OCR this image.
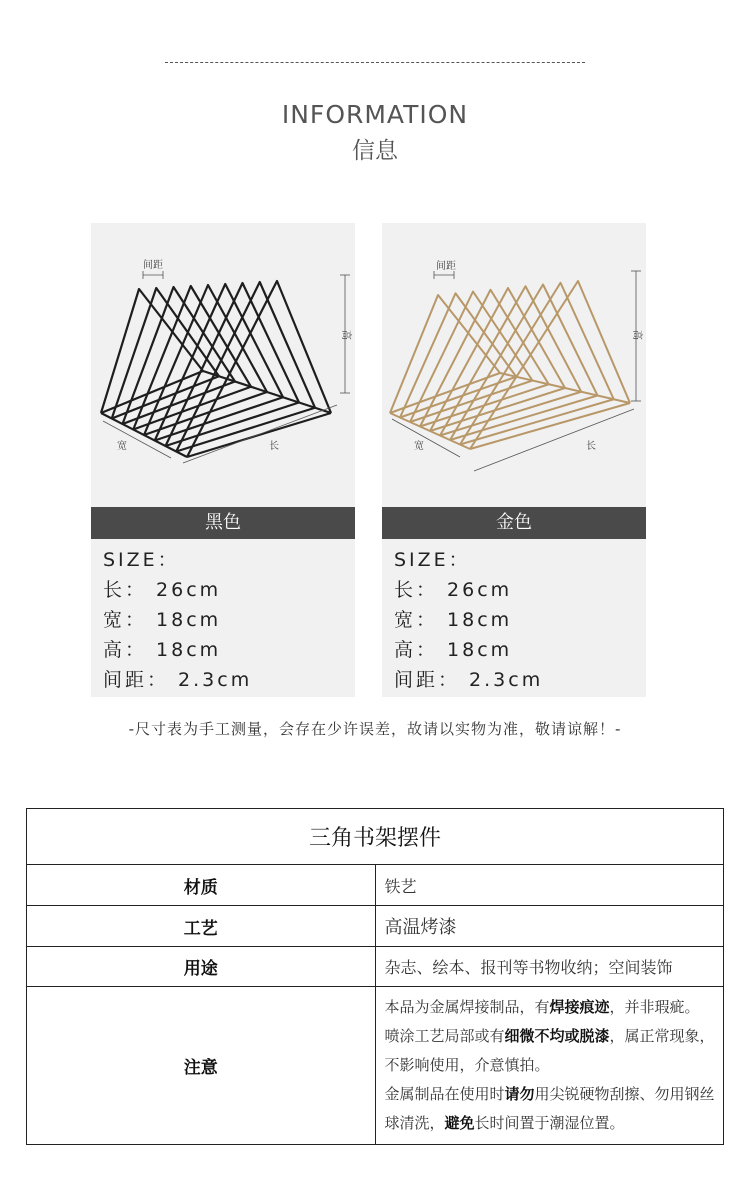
INFORMATION
信息
间距
高
宽	长
黑色
SIZE：
长： 26cm
宽： 18cm
高： 18cm
间距： 2.3cm
间距
高
宽	长
金色
SIZE：
长： 26cm
宽： 18cm
高： 18cm
间距： 2.3cm
-尺寸表为手工测量，会存在少许误差，故请以实物为准，敬请谅解！-
三角书架摆件	
材质	铁艺
工艺	高温烤漆
用途	杂志、绘本、报刊等书物收纳；空间装饰
注意	本品为金属焊接制品，有焊接痕迹，并非瑕疵。
喷涂工艺局部或有细微不均或脱漆，属正常现象，不影响使用，介意慎拍。
金属制品在使用时请勿用尖锐硬物刮擦、勿用钢丝球清洗，避免长时间置于潮湿位置。
